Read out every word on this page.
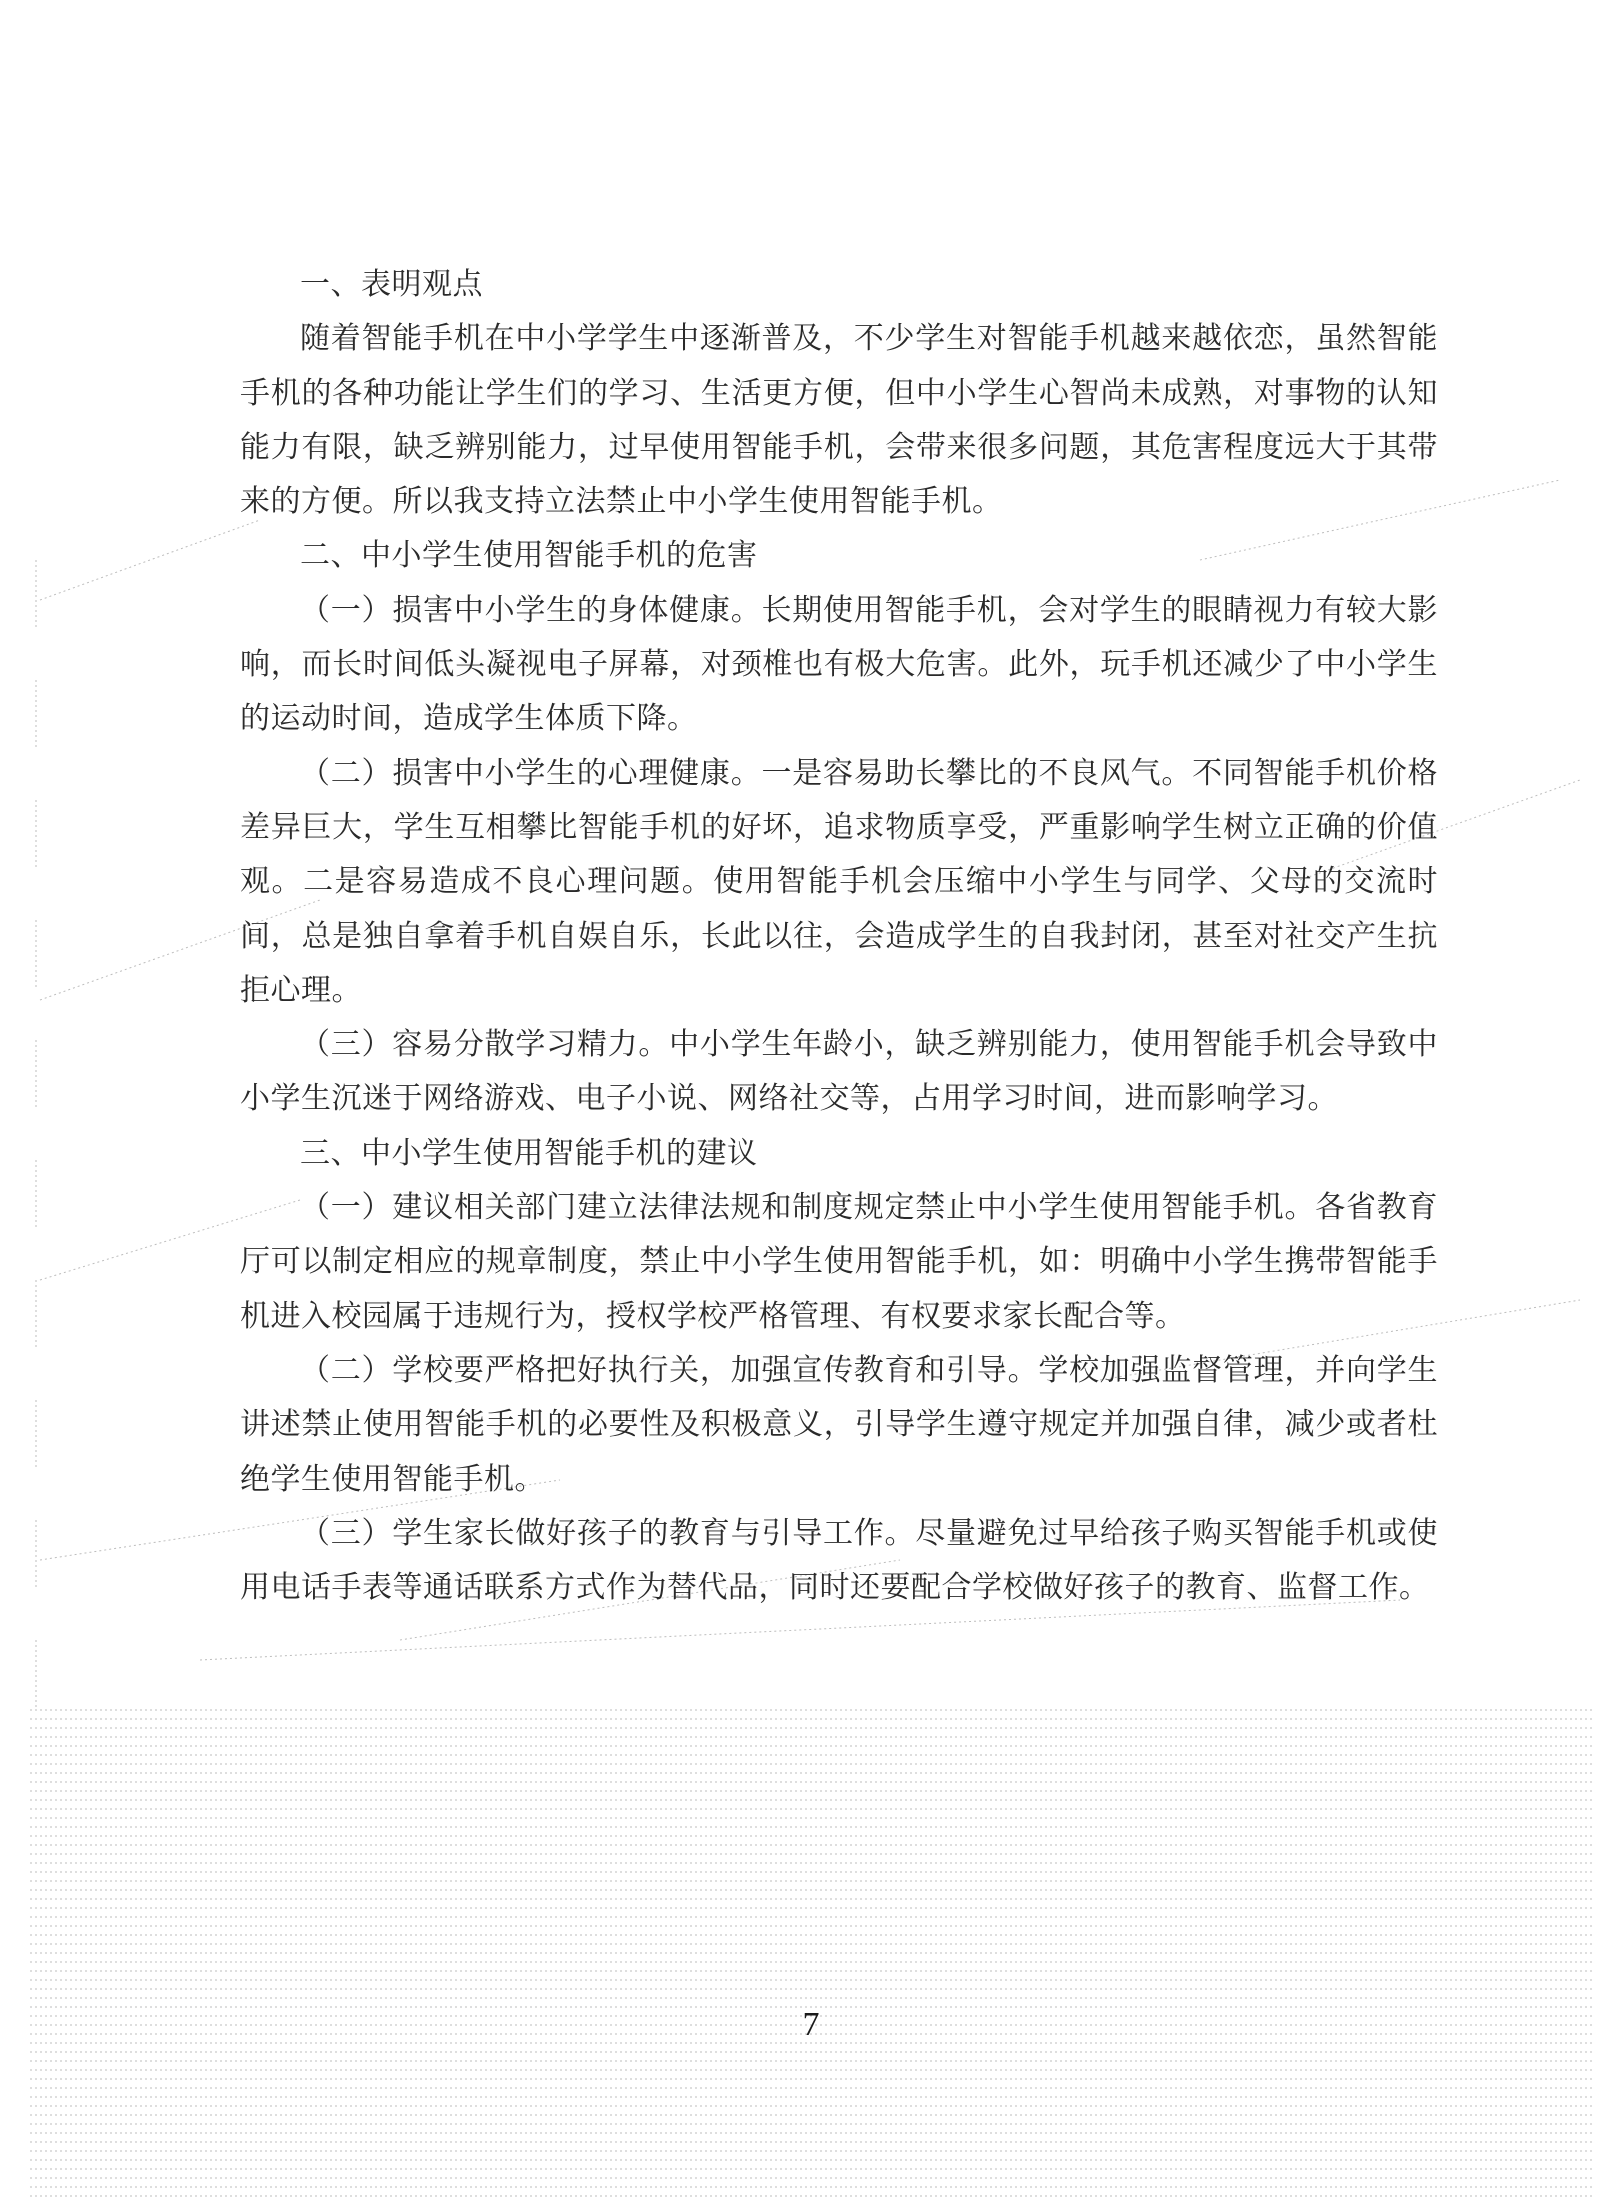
一、表明观点

随着智能手机在中小学学生中逐渐普及，不少学生对智能手机越来越依恋，虽然智能手机的各种功能让学生们的学习、生活更方便，但中小学生心智尚未成熟，对事物的认知能力有限，缺乏辨别能力，过早使用智能手机，会带来很多问题，其危害程度远大于其带来的方便。所以我支持立法禁止中小学生使用智能手机。

二、中小学生使用智能手机的危害

（一）损害中小学生的身体健康。长期使用智能手机，会对学生的眼睛视力有较大影响，而长时间低头凝视电子屏幕，对颈椎也有极大危害。此外，玩手机还减少了中小学生的运动时间，造成学生体质下降。

（二）损害中小学生的心理健康。一是容易助长攀比的不良风气。不同智能手机价格差异巨大，学生互相攀比智能手机的好坏，追求物质享受，严重影响学生树立正确的价值观。二是容易造成不良心理问题。使用智能手机会压缩中小学生与同学、父母的交流时间，总是独自拿着手机自娱自乐，长此以往，会造成学生的自我封闭，甚至对社交产生抗拒心理。

（三）容易分散学习精力。中小学生年龄小，缺乏辨别能力，使用智能手机会导致中小学生沉迷于网络游戏、电子小说、网络社交等，占用学习时间，进而影响学习。

三、中小学生使用智能手机的建议

（一）建议相关部门建立法律法规和制度规定禁止中小学生使用智能手机。各省教育厅可以制定相应的规章制度，禁止中小学生使用智能手机，如：明确中小学生携带智能手机进入校园属于违规行为，授权学校严格管理、有权要求家长配合等。

（二）学校要严格把好执行关，加强宣传教育和引导。学校加强监督管理，并向学生讲述禁止使用智能手机的必要性及积极意义，引导学生遵守规定并加强自律，减少或者杜绝学生使用智能手机。

（三）学生家长做好孩子的教育与引导工作。尽量避免过早给孩子购买智能手机或使用电话手表等通话联系方式作为替代品，同时还要配合学校做好孩子的教育、监督工作。

7
